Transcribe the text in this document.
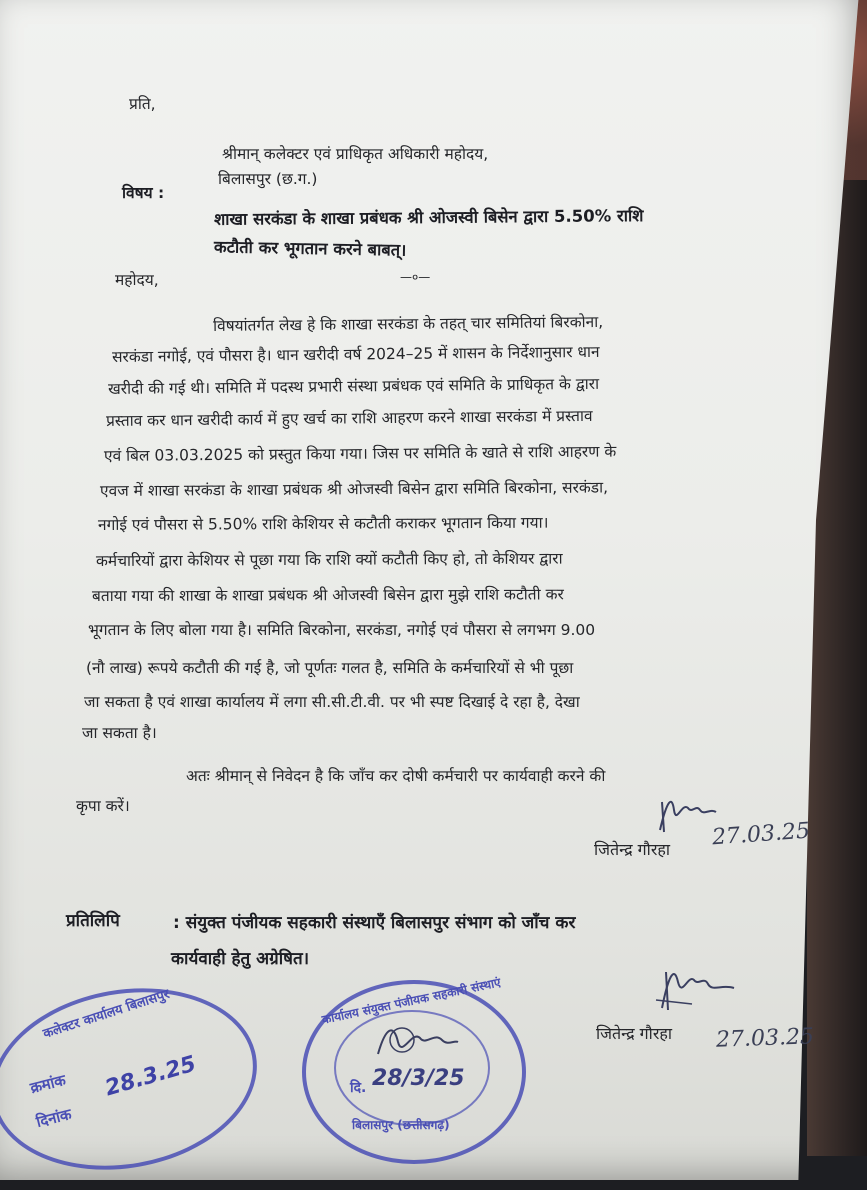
प्रति,
श्रीमान् कलेक्टर एवं प्राधिकृत अधिकारी महोदय,
बिलासपुर (छ.ग.)
विषय :
शाखा सरकंडा के शाखा प्रबंधक श्री ओजस्वी बिसेन द्वारा 5.50% राशि
कटौती कर भूगतान करने बाबत्।
महोदय,	—०—
विषयांतर्गत लेख हे कि शाखा सरकंडा के तहत् चार समितियां बिरकोना,
सरकंडा नगोई, एवं पौसरा है। धान खरीदी वर्ष 2024–25 में शासन के निर्देशानुसार धान
खरीदी की गई थी। समिति में पदस्थ प्रभारी संस्था प्रबंधक एवं समिति के प्राधिकृत के द्वारा
प्रस्ताव कर धान खरीदी कार्य में हुए खर्च का राशि आहरण करने शाखा सरकंडा में प्रस्ताव
एवं बिल 03.03.2025 को प्रस्तुत किया गया। जिस पर समिति के खाते से राशि आहरण के
एवज में शाखा सरकंडा के शाखा प्रबंधक श्री ओजस्वी बिसेन द्वारा समिति बिरकोना, सरकंडा,
नगोई एवं पौसरा से 5.50% राशि केशियर से कटौती कराकर भूगतान किया गया।
कर्मचारियों द्वारा केशियर से पूछा गया कि राशि क्यों कटौती किए हो, तो केशियर द्वारा
बताया गया की शाखा के शाखा प्रबंधक श्री ओजस्वी बिसेन द्वारा मुझे राशि कटौती कर
भूगतान के लिए बोला गया है। समिति बिरकोना, सरकंडा, नगोई एवं पौसरा से लगभग 9.00
(नौ लाख) रूपये कटौती की गई है, जो पूर्णतः गलत है, समिति के कर्मचारियों से भी पूछा
जा सकता है एवं शाखा कार्यालय में लगा सी.सी.टी.वी. पर भी स्पष्ट दिखाई दे रहा है, देखा
जा सकता है।
अतः श्रीमान् से निवेदन है कि जाँच कर दोषी कर्मचारी पर कार्यवाही करने की
कृपा करें।
जितेन्द्र गौरहा 27.03.25
प्रतिलिपि	: संयुक्त पंजीयक सहकारी संस्थाएँ बिलासपुर संभाग को जाँच कर
कार्यवाही हेतु अग्रेषित।
जितेन्द्र गौरहा 27.03.25
कलेक्टर कार्यालय बिलासपुर
क्रमांक
दिनांक
28.3.25
कार्यालय संयुक्त पंजीयक सहकारी संस्थाएं
दि. 28/3/25
बिलासपुर (छत्तीसगढ़)
